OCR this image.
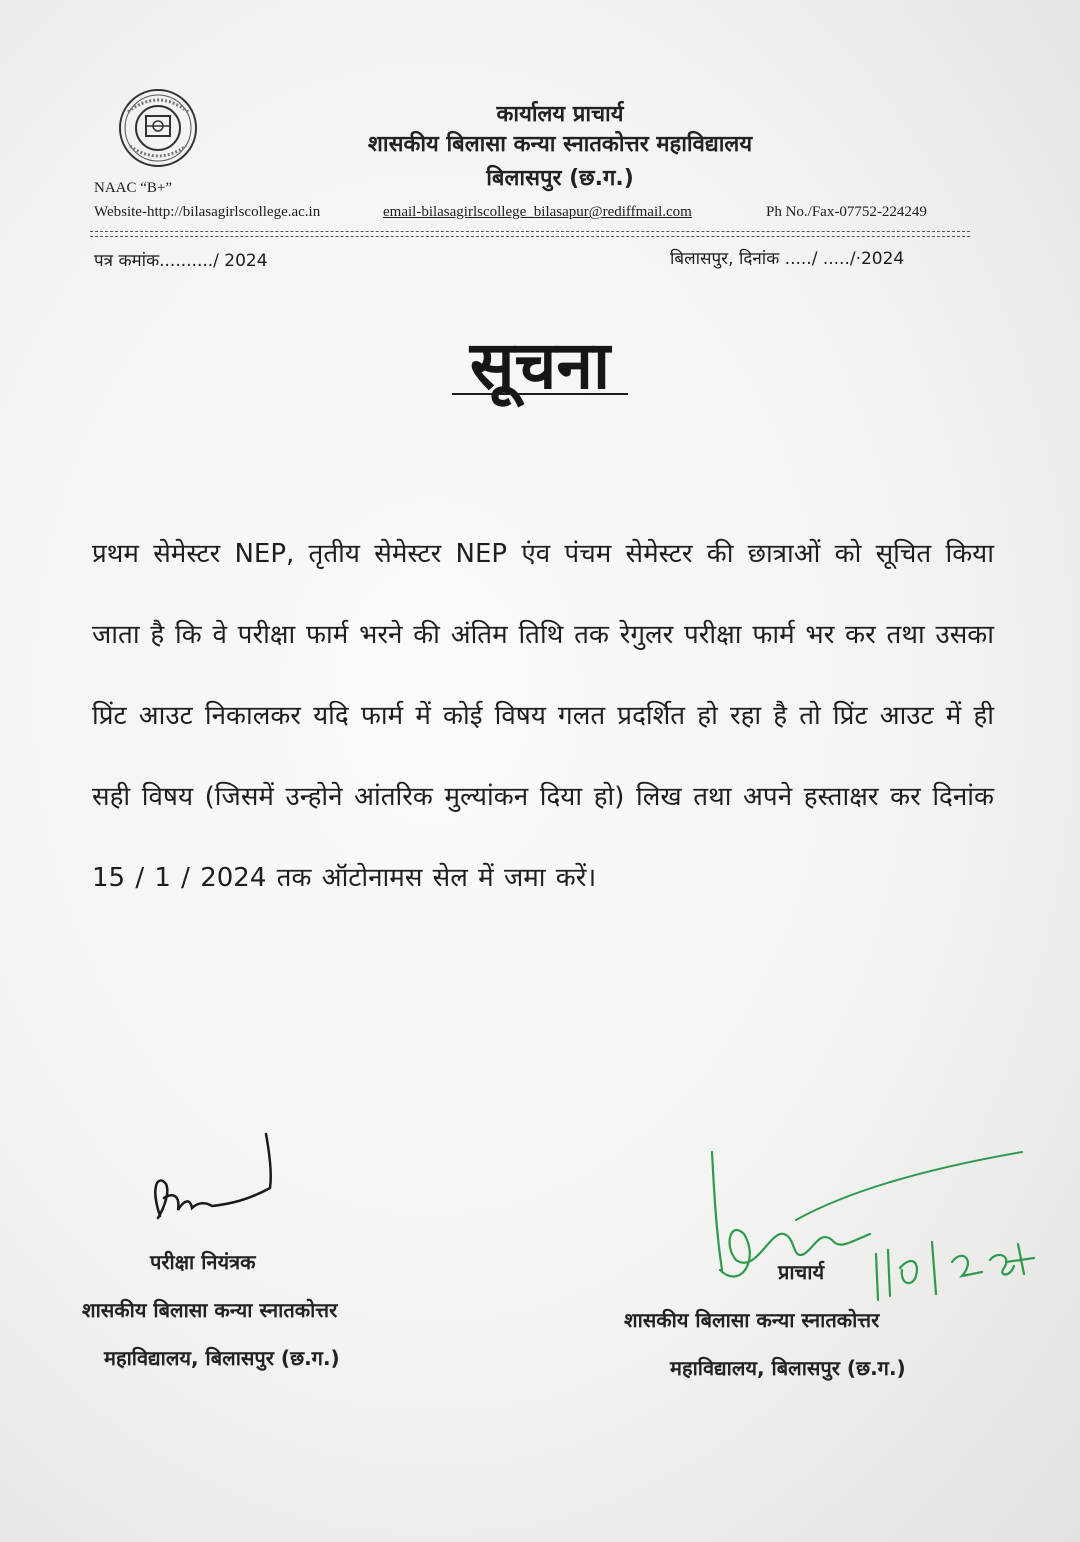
कार्यालय प्राचार्य
शासकीय बिलासा कन्या स्नातकोत्तर महाविद्यालय
बिलासपुर (छ.ग.)
NAAC “B+”
Website-http://bilasagirlscollege.ac.in	email-bilasagirlscollege_bilasapur@rediffmail.com	Ph No./Fax-07752-224249
पत्र कमांक........../ 2024	बिलासपुर, दिनांक ...../ ...../·2024
सूचना
प्रथम सेमेस्टर NEP, तृतीय सेमेस्टर NEP एंव पंचम सेमेस्टर की छात्राओं को सूचित किया जाता है कि वे परीक्षा फार्म भरने की अंतिम तिथि तक रेगुलर परीक्षा फार्म भर कर तथा उसका प्रिंट आउट निकालकर यदि फार्म में कोई विषय गलत प्रदर्शित हो रहा है तो प्रिंट आउट में ही सही विषय (जिसमें उन्होने आंतरिक मुल्यांकन दिया हो) लिख तथा अपने हस्ताक्षर कर दिनांक 15 / 1 / 2024 तक ऑटोनामस सेल में जमा करें।
परीक्षा नियंत्रक
शासकीय बिलासा कन्या स्नातकोत्तर
महाविद्यालय, बिलासपुर (छ.ग.)
प्राचार्य
शासकीय बिलासा कन्या स्नातकोत्तर
महाविद्यालय, बिलासपुर (छ.ग.)
